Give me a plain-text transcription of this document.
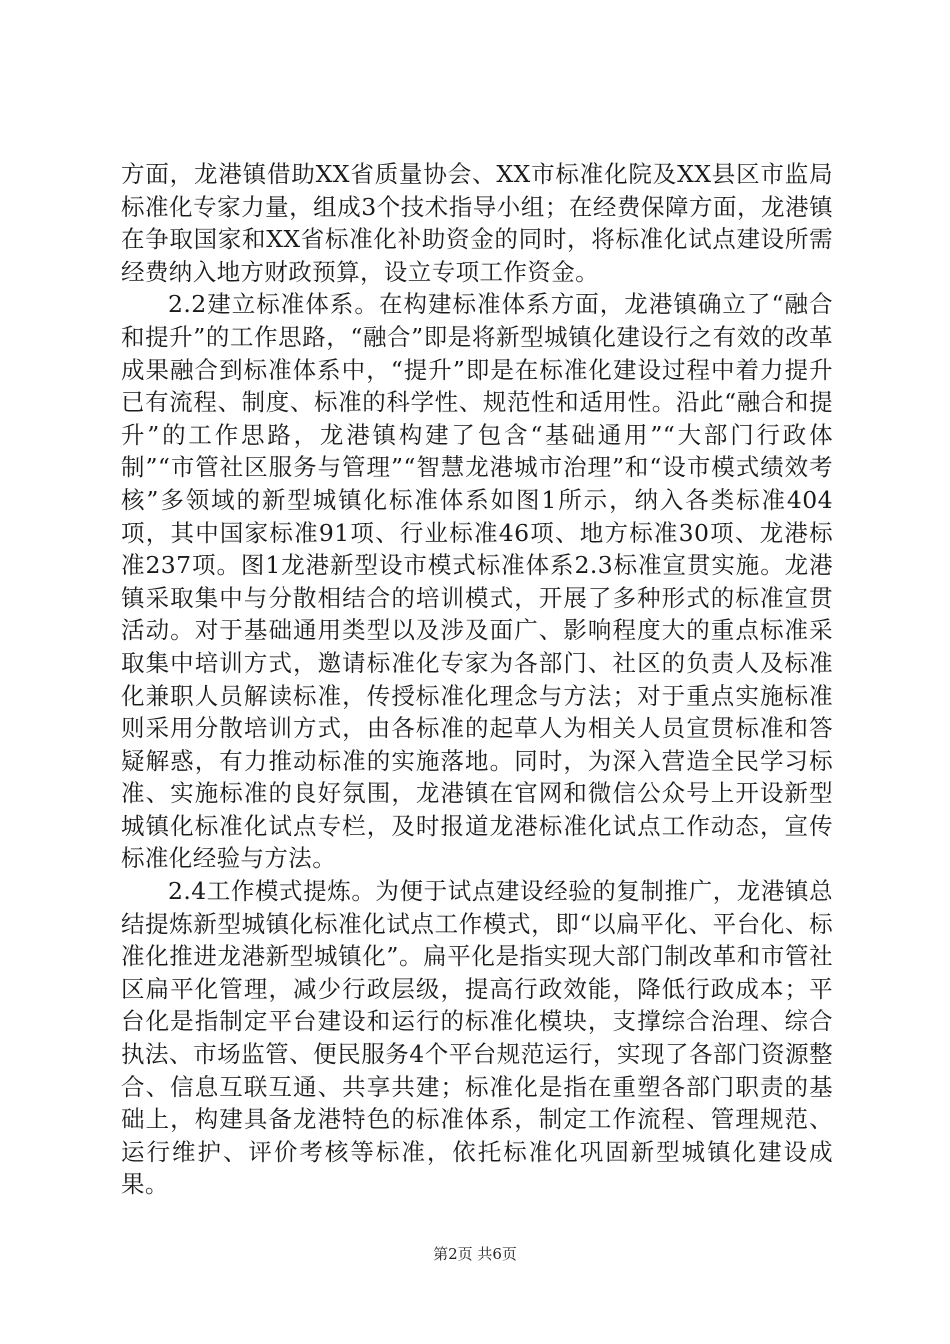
方面，龙港镇借助XX省质量协会、XX市标准化院及XX县区市监局标准化专家力量，组成3个技术指导小组；在经费保障方面，龙港镇在争取国家和XX省标准化补助资金的同时，将标准化试点建设所需经费纳入地方财政预算，设立专项工作资金。

2.2建立标准体系。在构建标准体系方面，龙港镇确立了“融合和提升”的工作思路，“融合”即是将新型城镇化建设行之有效的改革成果融合到标准体系中，“提升”即是在标准化建设过程中着力提升已有流程、制度、标准的科学性、规范性和适用性。沿此“融合和提升”的工作思路，龙港镇构建了包含“基础通用”“大部门行政体制”“市管社区服务与管理”“智慧龙港城市治理”和“设市模式绩效考核”多领域的新型城镇化标准体系如图1所示，纳入各类标准404项，其中国家标准91项、行业标准46项、地方标准30项、龙港标准237项。图1龙港新型设市模式标准体系2.3标准宣贯实施。龙港镇采取集中与分散相结合的培训模式，开展了多种形式的标准宣贯活动。对于基础通用类型以及涉及面广、影响程度大的重点标准采取集中培训方式，邀请标准化专家为各部门、社区的负责人及标准化兼职人员解读标准，传授标准化理念与方法；对于重点实施标准则采用分散培训方式，由各标准的起草人为相关人员宣贯标准和答疑解惑，有力推动标准的实施落地。同时，为深入营造全民学习标准、实施标准的良好氛围，龙港镇在官网和微信公众号上开设新型城镇化标准化试点专栏，及时报道龙港标准化试点工作动态，宣传标准化经验与方法。

2.4工作模式提炼。为便于试点建设经验的复制推广，龙港镇总结提炼新型城镇化标准化试点工作模式，即“以扁平化、平台化、标准化推进龙港新型城镇化”。扁平化是指实现大部门制改革和市管社区扁平化管理，减少行政层级，提高行政效能，降低行政成本；平台化是指制定平台建设和运行的标准化模块，支撑综合治理、综合执法、市场监管、便民服务4个平台规范运行，实现了各部门资源整合、信息互联互通、共享共建；标准化是指在重塑各部门职责的基础上，构建具备龙港特色的标准体系，制定工作流程、管理规范、运行维护、评价考核等标准，依托标准化巩固新型城镇化建设成果。

第2页 共6页
